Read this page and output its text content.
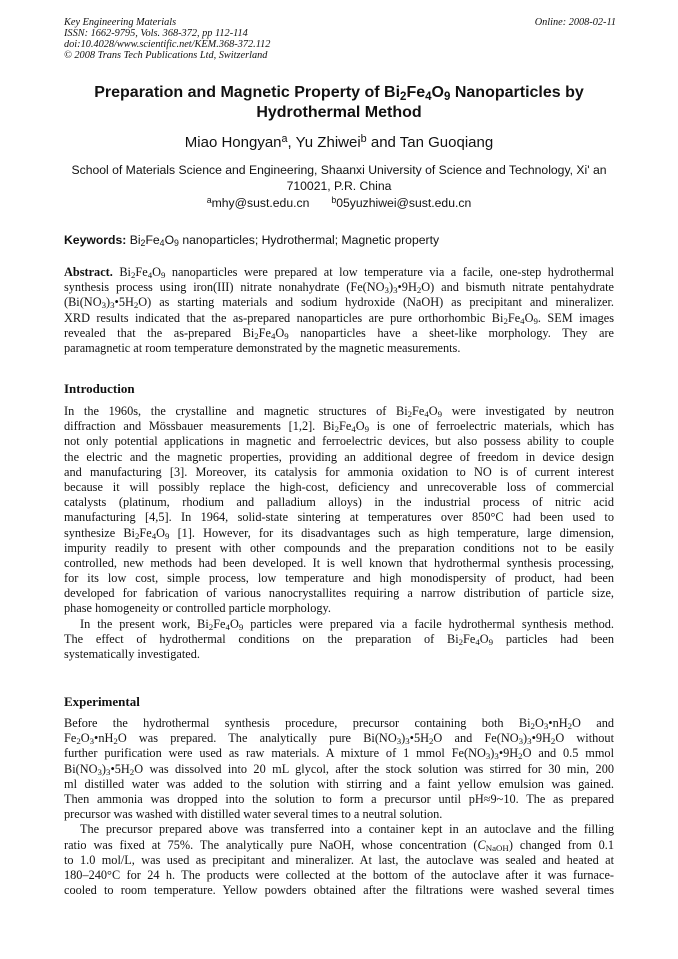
Key Engineering Materials
ISSN: 1662-9795, Vols. 368-372, pp 112-114
doi:10.4028/www.scientific.net/KEM.368-372.112
© 2008 Trans Tech Publications Ltd, Switzerland
Online: 2008-02-11
Preparation and Magnetic Property of $Bi_2Fe_4O_9$ Nanoparticles by
Hydrothermal Method
Miao Hongyan$^a$, Yu Zhiwei$^b$ and Tan Guoqiang
School of Materials Science and Engineering, Shaanxi University of Science and Technology, Xi' an
710021, P.R. China
$^a$mhy@sust.edu.cn	$^b$05yuzhiwei@sust.edu.cn
Keywords: $Bi_2Fe_4O_9$ nanoparticles; Hydrothermal; Magnetic property
Abstract. $Bi_2Fe_4O_9$ nanoparticles were prepared at low temperature via a facile, one-step hydrothermal
synthesis process using iron(III) nitrate nonahydrate $(Fe(NO_3)_3•9H_2O)$ and bismuth nitrate pentahydrate
$(Bi(NO_3)_3•5H_2O)$ as starting materials and sodium hydroxide (NaOH) as precipitant and mineralizer.
XRD results indicated that the as-prepared nanoparticles are pure orthorhombic $Bi_2Fe_4O_9$. SEM images
revealed that the as-prepared $Bi_2Fe_4O_9$ nanoparticles have a sheet-like morphology. They are
paramagnetic at room temperature demonstrated by the magnetic measurements.
Introduction
In the 1960s, the crystalline and magnetic structures of $Bi_2Fe_4O_9$ were investigated by neutron
diffraction and Mössbauer measurements [1,2]. $Bi_2Fe_4O_9$ is one of ferroelectric materials, which has
not only potential applications in magnetic and ferroelectric devices, but also possess ability to couple
the electric and the magnetic properties, providing an additional degree of freedom in device design
and manufacturing [3]. Moreover, its catalysis for ammonia oxidation to NO is of current interest
because it will possibly replace the high-cost, deficiency and unrecoverable loss of commercial
catalysts (platinum, rhodium and palladium alloys) in the industrial process of nitric acid
manufacturing [4,5]. In 1964, solid-state sintering at temperatures over 850°C had been used to
synthesize $Bi_2Fe_4O_9$ [1]. However, for its disadvantages such as high temperature, large dimension,
impurity readily to present with other compounds and the preparation conditions not to be easily
controlled, new methods had been developed. It is well known that hydrothermal synthesis processing,
for its low cost, simple process, low temperature and high monodispersity of product, had been
developed for fabrication of various nanocrystallites requiring a narrow distribution of particle size,
phase homogeneity or controlled particle morphology.
In the present work, $Bi_2Fe_4O_9$ particles were prepared via a facile hydrothermal synthesis method.
The effect of hydrothermal conditions on the preparation of $Bi_2Fe_4O_9$ particles had been
systematically investigated.
Experimental
Before the hydrothermal synthesis procedure, precursor containing both $Bi_2O_3•nH_2O$ and
$Fe_2O_3•nH_2O$ was prepared. The analytically pure $Bi(NO_3)_3•5H_2O$ and $Fe(NO_3)_3•9H_2O$ without
further purification were used as raw materials. A mixture of 1 mmol $Fe(NO_3)_3•9H_2O$ and 0.5 mmol
$Bi(NO_3)_3•5H_2O$ was dissolved into 20 mL glycol, after the stock solution was stirred for 30 min, 200
ml distilled water was added to the solution with stirring and a faint yellow emulsion was gained.
Then ammonia was dropped into the solution to form a precursor until pH≈9~10. The as prepared
precursor was washed with distilled water several times to a neutral solution.
The precursor prepared above was transferred into a container kept in an autoclave and the filling
ratio was fixed at 75%. The analytically pure NaOH, whose concentration $(C_{NaOH})$ changed from 0.1
to 1.0 mol/L, was used as precipitant and mineralizer. At last, the autoclave was sealed and heated at
180–240°C for 24 h. The products were collected at the bottom of the autoclave after it was furnace-
cooled to room temperature. Yellow powders obtained after the filtrations were washed several times
